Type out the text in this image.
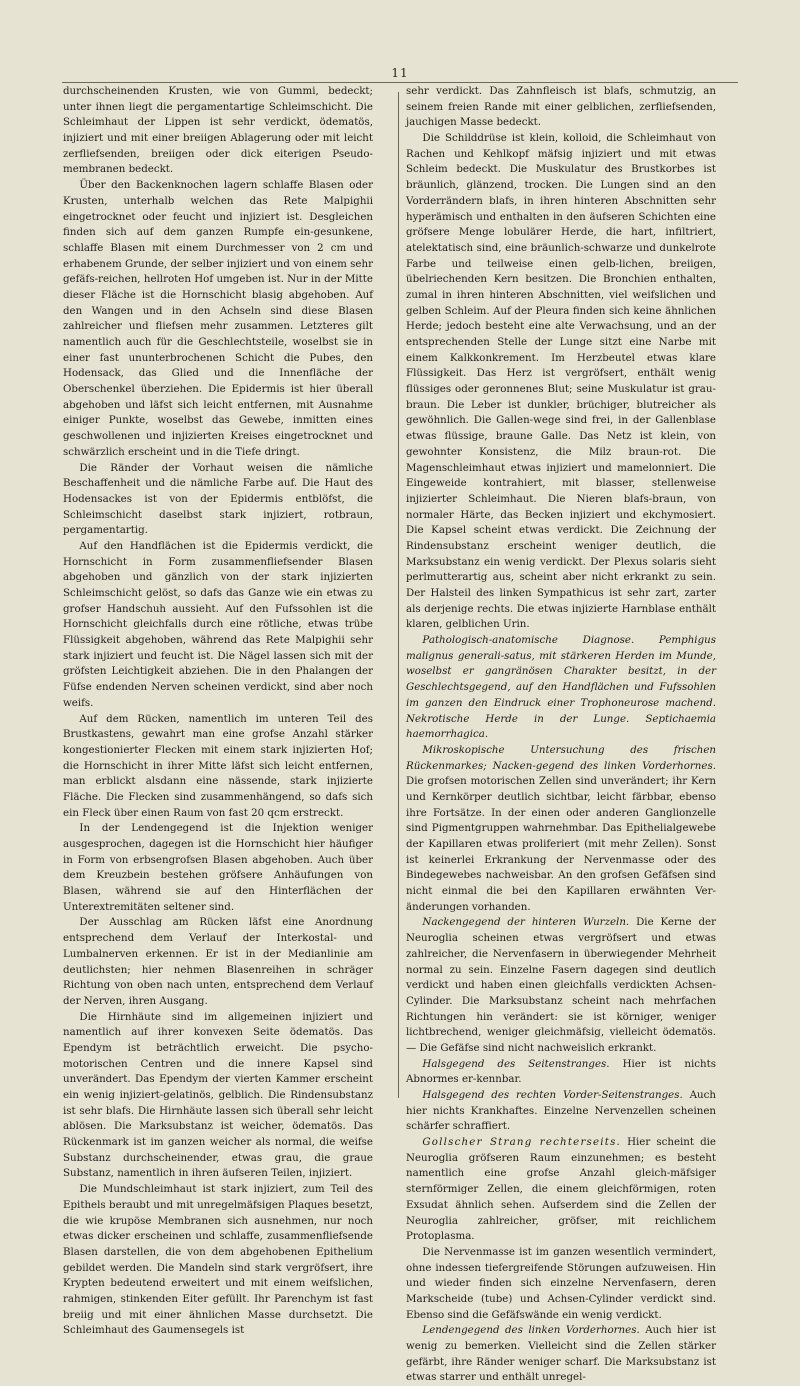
11

durchscheinenden Krusten, wie von Gummi, bedeckt; unter ihnen liegt die pergamentartige Schleimschicht. Die Schleimhaut der Lippen ist sehr verdickt, ödematös, injiziert und mit einer breiigen Ablagerung oder mit leicht zerfliefsenden, breiigen oder dick eiterigen Pseudo-membranen bedeckt.

Über den Backenknochen lagern schlaffe Blasen oder Krusten, unterhalb welchen das Rete Malpighii eingetrocknet oder feucht und injiziert ist. Desgleichen finden sich auf dem ganzen Rumpfe ein-gesunkene, schlaffe Blasen mit einem Durchmesser von 2 cm und erhabenem Grunde, der selber injiziert und von einem sehr gefäfs-reichen, hellroten Hof umgeben ist. Nur in der Mitte dieser Fläche ist die Hornschicht blasig abgehoben. Auf den Wangen und in den Achseln sind diese Blasen zahlreicher und fliefsen mehr zusammen. Letzteres gilt namentlich auch für die Geschlechtsteile, woselbst sie in einer fast ununterbrochenen Schicht die Pubes, den Hodensack, das Glied und die Innenfläche der Oberschenkel überziehen. Die Epidermis ist hier überall abgehoben und läfst sich leicht entfernen, mit Ausnahme einiger Punkte, woselbst das Gewebe, inmitten eines geschwollenen und injizierten Kreises eingetrocknet und schwärzlich erscheint und in die Tiefe dringt.

Die Ränder der Vorhaut weisen die nämliche Beschaffenheit und die nämliche Farbe auf. Die Haut des Hodensackes ist von der Epidermis entblöfst, die Schleimschicht daselbst stark injiziert, rotbraun, pergamentartig.

Auf den Handflächen ist die Epidermis verdickt, die Hornschicht in Form zusammenfliefsender Blasen abgehoben und gänzlich von der stark injizierten Schleimschicht gelöst, so dafs das Ganze wie ein etwas zu grofser Handschuh aussieht. Auf den Fufssohlen ist die Hornschicht gleichfalls durch eine rötliche, etwas trübe Flüssigkeit abgehoben, während das Rete Malpighii sehr stark injiziert und feucht ist. Die Nägel lassen sich mit der gröfsten Leichtigkeit abziehen. Die in den Phalangen der Füfse endenden Nerven scheinen verdickt, sind aber noch weifs.

Auf dem Rücken, namentlich im unteren Teil des Brustkastens, gewahrt man eine grofse Anzahl stärker kongestionierter Flecken mit einem stark injizierten Hof; die Hornschicht in ihrer Mitte läfst sich leicht entfernen, man erblickt alsdann eine nässende, stark injizierte Fläche. Die Flecken sind zusammenhängend, so dafs sich ein Fleck über einen Raum von fast 20 qcm erstreckt.

In der Lendengegend ist die Injektion weniger ausgesprochen, dagegen ist die Hornschicht hier häufiger in Form von erbsengrofsen Blasen abgehoben. Auch über dem Kreuzbein bestehen gröfsere Anhäufungen von Blasen, während sie auf den Hinterflächen der Unterextremitäten seltener sind.

Der Ausschlag am Rücken läfst eine Anordnung entsprechend dem Verlauf der Interkostal- und Lumbalnerven erkennen. Er ist in der Medianlinie am deutlichsten; hier nehmen Blasenreihen in schräger Richtung von oben nach unten, entsprechend dem Verlauf der Nerven, ihren Ausgang.

Die Hirnhäute sind im allgemeinen injiziert und namentlich auf ihrer konvexen Seite ödematös. Das Ependym ist beträchtlich erweicht. Die psycho-motorischen Centren und die innere Kapsel sind unverändert. Das Ependym der vierten Kammer erscheint ein wenig injiziert-gelatinös, gelblich. Die Rindensubstanz ist sehr blafs. Die Hirnhäute lassen sich überall sehr leicht ablösen. Die Marksubstanz ist weicher, ödematös. Das Rückenmark ist im ganzen weicher als normal, die weifse Substanz durchscheinender, etwas grau, die graue Substanz, namentlich in ihren äufseren Teilen, injiziert.

Die Mundschleimhaut ist stark injiziert, zum Teil des Epithels beraubt und mit unregelmäfsigen Plaques besetzt, die wie krupöse Membranen sich ausnehmen, nur noch etwas dicker erscheinen und schlaffe, zusammenfliefsende Blasen darstellen, die von dem abgehobenen Epithelium gebildet werden. Die Mandeln sind stark vergröfsert, ihre Krypten bedeutend erweitert und mit einem weifslichen, rahmigen, stinkenden Eiter gefüllt. Ihr Parenchym ist fast breiig und mit einer ähnlichen Masse durchsetzt. Die Schleimhaut des Gaumensegels ist

sehr verdickt. Das Zahnfleisch ist blafs, schmutzig, an seinem freien Rande mit einer gelblichen, zerfliefsenden, jauchigen Masse bedeckt.

Die Schilddrüse ist klein, kolloid, die Schleimhaut von Rachen und Kehlkopf mäfsig injiziert und mit etwas Schleim bedeckt. Die Muskulatur des Brustkorbes ist bräunlich, glänzend, trocken. Die Lungen sind an den Vorderrändern blafs, in ihren hinteren Abschnitten sehr hyperämisch und enthalten in den äufseren Schichten eine gröfsere Menge lobulärer Herde, die hart, infiltriert, atelektatisch sind, eine bräunlich-schwarze und dunkelrote Farbe und teilweise einen gelb-lichen, breiigen, übelriechenden Kern besitzen. Die Bronchien enthalten, zumal in ihren hinteren Abschnitten, viel weifslichen und gelben Schleim. Auf der Pleura finden sich keine ähnlichen Herde; jedoch besteht eine alte Verwachsung, und an der entsprechenden Stelle der Lunge sitzt eine Narbe mit einem Kalkkonkrement. Im Herzbeutel etwas klare Flüssigkeit. Das Herz ist vergröfsert, enthält wenig flüssiges oder geronnenes Blut; seine Muskulatur ist grau-braun. Die Leber ist dunkler, brüchiger, blutreicher als gewöhnlich. Die Gallen-wege sind frei, in der Gallenblase etwas flüssige, braune Galle. Das Netz ist klein, von gewohnter Konsistenz, die Milz braun-rot. Die Magenschleimhaut etwas injiziert und mamelonniert. Die Eingeweide kontrahiert, mit blasser, stellenweise injizierter Schleimhaut. Die Nieren blafs-braun, von normaler Härte, das Becken injiziert und ekchymosiert. Die Kapsel scheint etwas verdickt. Die Zeichnung der Rindensubstanz erscheint weniger deutlich, die Marksubstanz ein wenig verdickt. Der Plexus solaris sieht perlmutterartig aus, scheint aber nicht erkrankt zu sein. Der Halsteil des linken Sympathicus ist sehr zart, zarter als derjenige rechts. Die etwas injizierte Harnblase enthält klaren, gelblichen Urin.

Pathologisch-anatomische Diagnose. Pemphigus malignus generali-satus, mit stärkeren Herden im Munde, woselbst er gangränösen Charakter besitzt, in der Geschlechtsgegend, auf den Handflächen und Fufssohlen im ganzen den Eindruck einer Trophoneurose machend. Nekrotische Herde in der Lunge. Septichaemia haemorrhagica.

Mikroskopische Untersuchung des frischen Rückenmarkes; Nacken-gegend des linken Vorderhornes. Die grofsen motorischen Zellen sind unverändert; ihr Kern und Kernkörper deutlich sichtbar, leicht färbbar, ebenso ihre Fortsätze. In der einen oder anderen Ganglionzelle sind Pigmentgruppen wahrnehmbar. Das Epithelialgewebe der Kapillaren etwas proliferiert (mit mehr Zellen). Sonst ist keinerlei Erkrankung der Nervenmasse oder des Bindegewebes nachweisbar. An den grofsen Gefäfsen sind nicht einmal die bei den Kapillaren erwähnten Ver-änderungen vorhanden.

Nackengegend der hinteren Wurzeln. Die Kerne der Neuroglia scheinen etwas vergröfsert und etwas zahlreicher, die Nervenfasern in überwiegender Mehrheit normal zu sein. Einzelne Fasern dagegen sind deutlich verdickt und haben einen gleichfalls verdickten Achsen-Cylinder. Die Marksubstanz scheint nach mehrfachen Richtungen hin verändert: sie ist körniger, weniger lichtbrechend, weniger gleichmäfsig, vielleicht ödematös. — Die Gefäfse sind nicht nachweislich erkrankt.

Halsgegend des Seitenstranges. Hier ist nichts Abnormes er-kennbar.

Halsgegend des rechten Vorder-Seitenstranges. Auch hier nichts Krankhaftes. Einzelne Nervenzellen scheinen schärfer schraffiert.

Gollscher Strang rechterseits. Hier scheint die Neuroglia gröfseren Raum einzunehmen; es besteht namentlich eine grofse Anzahl gleich-mäfsiger sternförmiger Zellen, die einem gleichförmigen, roten Exsudat ähnlich sehen. Aufserdem sind die Zellen der Neuroglia zahlreicher, gröfser, mit reichlichem Protoplasma.

Die Nervenmasse ist im ganzen wesentlich vermindert, ohne indessen tiefergreifende Störungen aufzuweisen. Hin und wieder finden sich einzelne Nervenfasern, deren Markscheide (tube) und Achsen-Cylinder verdickt sind. Ebenso sind die Gefäfswände ein wenig verdickt.

Lendengegend des linken Vorderhornes. Auch hier ist wenig zu bemerken. Vielleicht sind die Zellen stärker gefärbt, ihre Ränder weniger scharf. Die Marksubstanz ist etwas starrer und enthält unregel-
